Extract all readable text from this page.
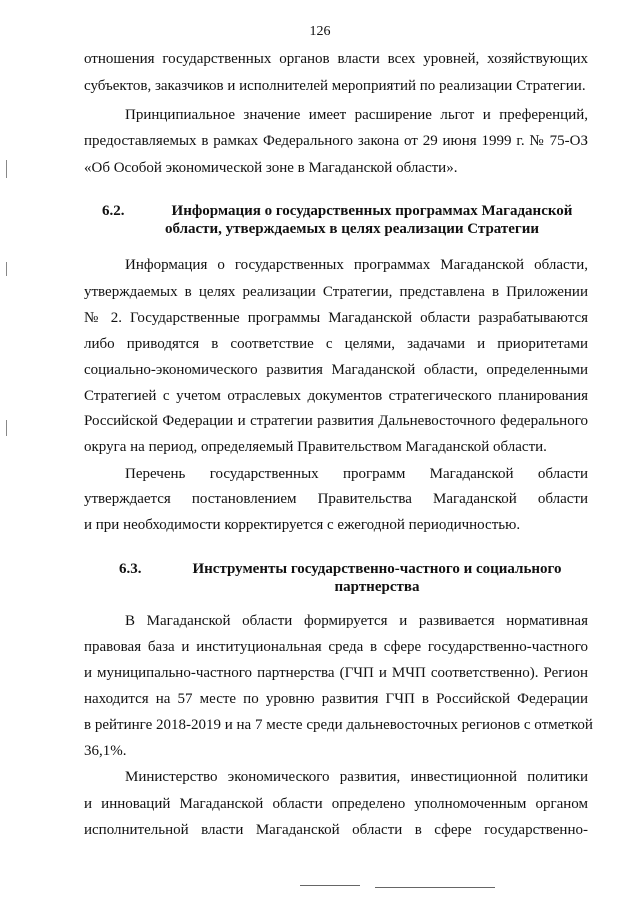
126
отношения государственных органов власти всех уровней, хозяйствующих
субъектов, заказчиков и исполнителей мероприятий по реализации Стратегии.
Принципиальное значение имеет расширение льгот и преференций,
предоставляемых в рамках Федерального закона от 29 июня 1999 г. № 75-ОЗ
«Об Особой экономической зоне в Магаданской области».
6.2.	Информация о государственных программах Магаданской
области, утверждаемых в целях реализации Стратегии
Информация о государственных программах Магаданской области,
утверждаемых в целях реализации Стратегии, представлена в Приложении
№ 2. Государственные программы Магаданской области разрабатываются
либо приводятся в соответствие с целями, задачами и приоритетами
социально-экономического развития Магаданской области, определенными
Стратегией с учетом отраслевых документов стратегического планирования
Российской Федерации и стратегии развития Дальневосточного федерального
округа на период, определяемый Правительством Магаданской области.
Перечень государственных программ Магаданской области
утверждается постановлением Правительства Магаданской области
и при необходимости корректируется с ежегодной периодичностью.
6.3.	Инструменты государственно-частного и социального
партнерства
В Магаданской области формируется и развивается нормативная
правовая база и институциональная среда в сфере государственно-частного
и муниципально-частного партнерства (ГЧП и МЧП соответственно). Регион
находится на 57 месте по уровню развития ГЧП в Российской Федерации
в рейтинге 2018-2019 и на 7 месте среди дальневосточных регионов с отметкой
36,1%.
Министерство экономического развития, инвестиционной политики
и инноваций Магаданской области определено уполномоченным органом
исполнительной власти Магаданской области в сфере государственно-
